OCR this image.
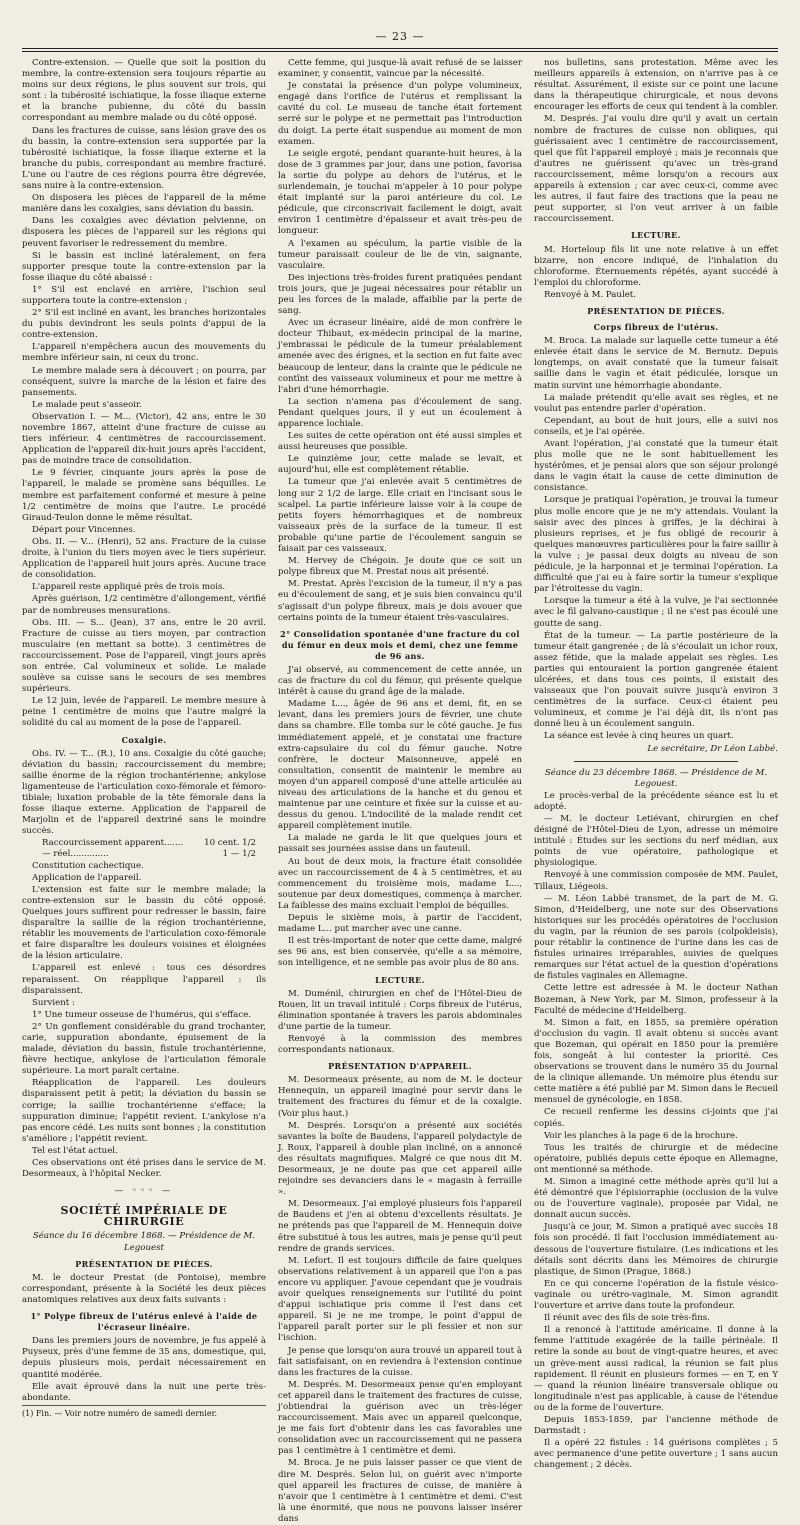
— 23 —

Contre-extension. — Quelle que soit la position du membre, la contre-extension sera toujours répartie au moins sur deux régions, le plus souvent sur trois, qui sont : la tubérosité ischiatique, la fosse iliaque externe et la branche pubienne, du côté du bassin correspondant au membre malade ou du côté opposé.

Dans les fractures de cuisse, sans lésion grave des os du bassin, la contre-extension sera supportée par la tubérosité ischiatique, la fosse iliaque externe et la branche du pubis, correspondant au membre fracturé. L'une ou l'autre de ces régions pourra être dégrevée, sans nuire à la contre-extension.

On disposera les pièces de l'appareil de la même manière dans les coxalgies, sans déviation du bassin.

Dans les coxalgies avec déviation pelvienne, on disposera les pièces de l'appareil sur les régions qui peuvent favoriser le redressement du membre.

Si le bassin est incliné latéralement, on fera supporter presque toute la contre-extension par la fosse iliaque du côté abaissé :

1° S'il est enclavé en arrière, l'ischion seul supportera toute la contre-extension ;

2° S'il est incliné en avant, les branches horizontales du pubis devindront les seuls points d'appui de la contre-extension.

L'appareil n'empêchera aucun des mouvements du membre inférieur sain, ni ceux du tronc.

Le membre malade sera à découvert ; on pourra, par conséquent, suivre la marche de la lésion et faire des pansements.

Le malade peut s'asseoir.

Observation I. — M... (Victor), 42 ans, entre le 30 novembre 1867, atteint d'une fracture de cuisse au tiers inférieur. 4 centimètres de raccourcissement. Application de l'appareil dix-huit jours après l'accident, pas de moindre trace de consolidation.

Le 9 février, cinquante jours après la pose de l'appareil, le malade se promène sans béquilles. Le membre est parfaitement conformé et mesure à peine 1/2 centimètre de moins que l'autre. Le procédé Giraud-Teulon donne le même résultat.

Départ pour Vincennes.

Obs. II. — V... (Henri), 52 ans. Fracture de la cuisse droite, à l'union du tiers moyen avec le tiers supérieur. Application de l'appareil huit jours après. Aucune trace de consolidation.

L'appareil reste appliqué près de trois mois.

Après guérison, 1/2 centimètre d'allongement, vérifié par de nombreuses mensurations.

Obs. III. — S... (Jean), 37 ans, entre le 20 avril. Fracture de cuisse au tiers moyen, par contraction musculaire (en mettant sa botte). 3 centimètres de raccourcissement. Pose de l'appareil, vingt jours après son entrée. Cal volumineux et solide. Le malade soulève sa cuisse sans le secours de ses membres supérieurs.

Le 12 juin, levée de l'appareil. Le membre mesure à peine 1 centimètre de moins que l'autre malgré la solidité du cal au moment de la pose de l'appareil.

Coxalgie.

Obs. IV. — T... (R.), 10 ans. Coxalgie du côté gauche; déviation du bassin; raccourcissement du membre; saillie énorme de la région trochantérienne; ankylose ligamenteuse de l'articulation coxo-fémorale et fémoro-tibiale; luxation probable de la tête fémorale dans la fosse iliaque externe. Application de l'appareil de Marjolin et de l'appareil dextriné sans le moindre succès.

Raccourcissement apparent....... 10 cent. 1/2
— réel..............	1 — 1/2

Constitution cachectique.

Application de l'appareil.

L'extension est faite sur le membre malade; la contre-extension sur le bassin du côté opposé. Quelques jours suffirent pour redresser le bassin, faire disparaître la saillie de la région trochantérienne, rétablir les mouvements de l'articulation coxo-fémorale et faire disparaître les douleurs voisines et éloignées de la lésion articulaire.

L'appareil est enlevé : tous ces désordres reparaissent. On réapplique l'appareil : ils disparaissent.

Survient :

1° Une tumeur osseuse de l'humérus, qui s'efface.

2° Un gonflement considérable du grand trochanter, carie, suppuration abondante, épuisement de la malade, déviation du bassin, fistule trochantérienne, fièvre hectique, ankylose de l'articulation fémorale supérieure. La mort paraît certaine.

Réapplication de l'appareil. Les douleurs disparaissent petit à petit; la déviation du bassin se corrige; la saillie trochantérienne s'efface; la suppuration diminue; l'appétit revient. L'ankylose n'a pas encore cédé. Les nuits sont bonnes ; la constitution s'améliore ; l'appétit revient.

Tel est l'état actuel.

Ces observations ont été prises dans le service de M. Desormeaux, à l'hôpital Necker.

— ◦◦◦ —
SOCIÉTÉ IMPÉRIALE DE CHIRURGIE

Séance du 16 décembre 1868. — Présidence de M. Legouest

PRÉSENTATION DE PIÈCES.

M. le docteur Prestat (de Pontoise), membre correspondant, présente à la Société les deux pièces anatomiques relatives aux deux faits suivants :

1° Polype fibreux de l'utérus enlevé à l'aide de l'écraseur linéaire.

Dans les premiers jours de novembre, je fus appelé à Puyseux, près d'une femme de 35 ans, domestique, qui, depuis plusieurs mois, perdait nécessairement en quantité modérée.

Elle avait éprouvé dans la nuit une perte très-abondante.

(1) Fin. — Voir notre numéro de samedi dernier.

Cette femme, qui jusque-là avait refusé de se laisser examiner, y consentit, vaincue par la nécessité.

Je constatai la présence d'un polype volumineux, engagé dans l'orifice de l'utérus et remplissant la cavité du col. Le museau de tanche était fortement serré sur le polype et ne permettait pas l'introduction du doigt. La perte était suspendue au moment de mon examen.

Le seigle ergoté, pendant quarante-huit heures, à la dose de 3 grammes par jour, dans une potion, favorisa la sortie du polype au dehors de l'utérus, et le surlendemain, je touchai m'appeler à 10 pour polype était implanté sur la paroi antérieure du col. Le pédicule, que circonscrivait facilement le doigt, avait environ 1 centimètre d'épaisseur et avait très-peu de longueur.

A l'examen au spéculum, la partie visible de la tumeur paraissait couleur de lie de vin, saignante, vasculaire.

Des injections très-froides furent pratiquées pendant trois jours, que je jugeai nécessaires pour rétablir un peu les forces de la malade, affaiblie par la perte de sang.

Avec un écraseur linéaire, aidé de mon confrère le docteur Thibaut, ex-médecin principal de la marine, j'embrassai le pédicule de la tumeur préalablement amenée avec des érignes, et la section en fut faite avec beaucoup de lenteur, dans la crainte que le pédicule ne contînt des vaisseaux volumineux et pour me mettre à l'abri d'une hémorrhagie.

La section n'amena pas d'écoulement de sang. Pendant quelques jours, il y eut un écoulement à apparence lochiale.

Les suites de cette opération ont été aussi simples et aussi heureuses que possible.

Le quinzième jour, cette malade se levait, et aujourd'hui, elle est complètement rétablie.

La tumeur que j'ai enlevée avait 5 centimètres de long sur 2 1/2 de large. Elle criait en l'incisant sous le scalpel. La partie inférieure laisse voir à la coupe de petits foyers hémorrhagiques et de nombreux vaisseaux près de la surface de la tumeur. Il est probable qu'une partie de l'écoulement sanguin se faisait par ces vaisseaux.

M. Hervey de Chégoin. Je doute que ce soit un polype fibreux que M. Prestat nous ait présenté.

M. Prestat. Après l'excision de la tumeur, il n'y a pas eu d'écoulement de sang, et je suis bien convaincu qu'il s'agissait d'un polype fibreux, mais je dois avouer que certains points de la tumeur étaient très-vasculaires.

2° Consolidation spontanée d'une fracture du col du fémur en deux mois et demi, chez une femme de 96 ans.

J'ai observé, au commencement de cette année, un cas de fracture du col du fémur, qui présente quelque intérêt à cause du grand âge de la malade.

Madame L..., âgée de 96 ans et demi, fit, en se levant, dans les premiers jours de février, une chute dans sa chambre. Elle tomba sur le côté gauche. Je fus immédiatement appelé, et je constatai une fracture extra-capsulaire du col du fémur gauche. Notre confrère, le docteur Maisonneuve, appelé en consultation, consentit de maintenir le membre au moyen d'un appareil composé d'une attelle articulée au niveau des articulations de la hanche et du genou et maintenue par une ceinture et fixée sur la cuisse et au-dessus du genou. L'indocilité de la malade rendit cet appareil complètement inutile.

La malade ne garda le lit que quelques jours et passait ses journées assise dans un fauteuil.

Au bout de deux mois, la fracture était consolidée avec un raccourcissement de 4 à 5 centimètres, et au commencement du troisième mois, madame L..., soutenue par deux domestiques, commença à marcher. La faiblesse des mains excluait l'emploi de béquilles.

Depuis le sixième mois, à partir de l'accident, madame L... put marcher avec une canne.

Il est très-important de noter que cette dame, malgré ses 96 ans, est bien conservée, qu'elle a sa mémoire, son intelligence, et ne semble pas avoir plus de 80 ans.

LECTURE.

M. Duménil, chirurgien en chef de l'Hôtel-Dieu de Rouen, lit un travail intitulé : Corps fibreux de l'utérus, élimination spontanée à travers les parois abdominales d'une partie de la tumeur.

Renvoyé à la commission des membres correspondants nationaux.

PRÉSENTATION D'APPAREIL.

M. Desormeaux présente, au nom de M. le docteur Hennequin, un appareil imaginé pour servir dans le traitement des fractures du fémur et de la coxalgie. (Voir plus haut.)

M. Després. Lorsqu'on a présenté aux sociétés savantes la boîte de Baudens, l'appareil polydactyle de J. Roux, l'appareil à double plan incliné, on a annoncé des résultats magnifiques. Malgré ce que nous dit M. Desormeaux, je ne doute pas que cet appareil aille rejoindre ses devanciers dans le « magasin à ferraille ».

M. Desormeaux. J'ai employé plusieurs fois l'appareil de Baudens et j'en ai obtenu d'excellents résultats. Je ne prétends pas que l'appareil de M. Hennequin doive être substitué à tous les autres, mais je pense qu'il peut rendre de grands services.

M. Lefort. Il est toujours difficile de faire quelques observations relativement à un appareil que l'on a pas encore vu appliquer. J'avoue cependant que je voudrais avoir quelques renseignements sur l'utilité du point d'appui ischiatique pris comme il l'est dans cet appareil. Si je ne me trompe, le point d'appui de l'appareil paraît porter sur le pli fessier et non sur l'ischion.

Je pense que lorsqu'on aura trouvé un appareil tout à fait satisfaisant, on en reviendra à l'extension continue dans les fractures de la cuisse.

M. Després. M. Desormeaux pense qu'en employant cet appareil dans le traitement des fractures de cuisse, j'obtiendrai la guérison avec un très-léger raccourcissement. Mais avec un appareil quelconque, je me fais fort d'obtenir dans les cas favorables une consolidation avec un raccourcissement qui ne passera pas 1 centimètre à 1 centimètre et demi.

M. Broca. Je ne puis laisser passer ce que vient de dire M. Després. Selon lui, on guérit avec n'importe quel appareil les fractures de cuisse, de manière à n'avoir que 1 centimètre à 1 centimètre et demi. C'est là une énormité, que nous ne pouvons laisser insérer dans

nos bulletins, sans protestation. Même avec les meilleurs appareils à extension, on n'arrive pas à ce résultat. Assurément, il existe sur ce point une lacune dans la thérapeutique chirurgicale, et nous devons encourager les efforts de ceux qui tendent à la combler.

M. Després. J'ai voulu dire qu'il y avait un certain nombre de fractures de cuisse non obliques, qui guérissaient avec 1 centimètre de raccourcissement, quel que fût l'appareil employé ; mais je reconnais que d'autres ne guérissent qu'avec un très-grand raccourcissement, même lorsqu'on a recours aux appareils à extension ; car avec ceux-ci, comme avec les autres, il faut faire des tractions que la peau ne peut supporter, si l'on veut arriver à un faible raccourcissement.

LECTURE.

M. Horteloup fils lit une note relative à un effet bizarre, non encore indiqué, de l'inhalation du chloroforme. Éternuements répétés, ayant succédé à l'emploi du chloroforme.

Renvoyé à M. Paulet.

PRÉSENTATION DE PIÈCES.
Corps fibreux de l'utérus.

M. Broca. La malade sur laquelle cette tumeur a été enlevée était dans le service de M. Bernutz. Depuis longtemps, on avait constaté que la tumeur faisait saillie dans le vagin et était pédiculée, lorsque un matin survint une hémorrhagie abondante.

La malade prétendit qu'elle avait ses règles, et ne voulut pas entendre parler d'opération.

Cependant, au bout de huit jours, elle a suivi nos conseils, et je l'ai opérée.

Avant l'opération, j'ai constaté que la tumeur était plus molle que ne le sont habituellement les hystérômes, et je pensai alors que son séjour prolongé dans le vagin était la cause de cette diminution de consistance.

Lorsque je pratiquai l'opération, je trouvai la tumeur plus molle encore que je ne m'y attendais. Voulant la saisir avec des pinces à griffes, je la déchirai à plusieurs reprises, et je fus obligé de recourir à quelques manœuvres particulières pour la faire saillir à la vulve ; je passai deux doigts au niveau de son pédicule, je la harponnai et je terminai l'opération. La difficulté que j'ai eu à faire sortir la tumeur s'explique par l'étroitesse du vagin.

Lorsque la tumeur a été à la vulve, je l'ai sectionnée avec le fil galvano-caustique ; il ne s'est pas écoulé une goutte de sang.

État de la tumeur. — La partie postérieure de la tumeur était gangrenée ; de là s'écoulait un ichor roux, assez fétide, que la malade appelait ses règles. Les parties qui entouraient la portion gangrenée étaient ulcérées, et dans tous ces points, il existait des vaisseaux que l'on pouvait suivre jusqu'à environ 3 centimètres de la surface. Ceux-ci étaient peu volumineux, et comme je l'ai déjà dit, ils n'ont pas donné lieu à un écoulement sanguin.

La séance est levée à cinq heures un quart.

Le secrétaire, Dr Léon Labbé.

Séance du 23 décembre 1868. — Présidence de M. Legouest.

Le procès-verbal de la précédente séance est lu et adopté.

— M. le docteur Letiévant, chirurgien en chef désigné de l'Hôtel-Dieu de Lyon, adresse un mémoire intitulé : Études sur les sections du nerf médian, aux points de vue opératoire, pathologique et physiologique.

Renvoyé à une commission composée de MM. Paulet, Tillaux, Liégeois.

— M. Léon Labbé transmet, de la part de M. G. Simon, d'Heidelberg, une note sur des Observations historiques sur les procédés opératoires de l'occlusion du vagin, par la réunion de ses parois (colpokleisis), pour rétablir la continence de l'urine dans les cas de fistules urinaires irréparables, suivies de quelques remarques sur l'état actuel de la question d'opérations de fistules vaginales en Allemagne.

Cette lettre est adressée à M. le docteur Nathan Bozeman, à New York, par M. Simon, professeur à la Faculté de médecine d'Heidelberg.

M. Simon a fait, en 1855, sa première opération d'occlusion du vagin. Il avait obtenu si succès avant que Bozeman, qui opérait en 1850 pour la première fois, songeât à lui contester la priorité. Ces observations se trouvent dans le numéro 35 du Journal de la clinique allemande. Un mémoire plus étendu sur cette matière a été publié par M. Simon dans le Recueil mensuel de gynécologie, en 1858.

Ce recueil renferme les dessins ci-joints que j'ai copiés.

Voir les planches à la page 6 de la brochure.

Tous les traités de chirurgie et de médecine opératoire, publiés depuis cette époque en Allemagne, ont mentionné sa méthode.

M. Simon a imaginé cette méthode après qu'il lui a été démontré que l'épisiorraphie (occlusion de la vulve ou de l'ouverture vaginale), proposée par Vidal, ne donnait aucun succès.

Jusqu'à ce jour, M. Simon a pratiqué avec succès 18 fois son procédé. Il fait l'occlusion immédiatement au-dessous de l'ouverture fistulaire. (Les indications et les détails sont décrits dans les Mémoires de chirurgie plastique, de Simon (Prague, 1868.)

En ce qui concerne l'opération de la fistule vésico-vaginale ou urétro-vaginale, M. Simon agrandit l'ouverture et arrive dans toute la profondeur.

Il réunit avec des fils de soie très-fins.

Il a renoncé à l'attitude américaine. Il donne à la femme l'attitude exagérée de la taille périnéale. Il retire la sonde au bout de vingt-quatre heures, et avec un grève-ment aussi radical, la réunion se fait plus rapidement. Il réunit en plusieurs formes — en T, en Y — quand la réunion linéaire transversale oblique ou longitudinale n'est pas applicable, à cause de l'étendue ou de la forme de l'ouverture.

Depuis 1853-1859, par l'ancienne méthode de Darmstadt :

Il a opéré 22 fistules : 14 guérisons complètes ; 5 avec permanence d'une petite ouverture ; 1 sans aucun changement ; 2 décès.
